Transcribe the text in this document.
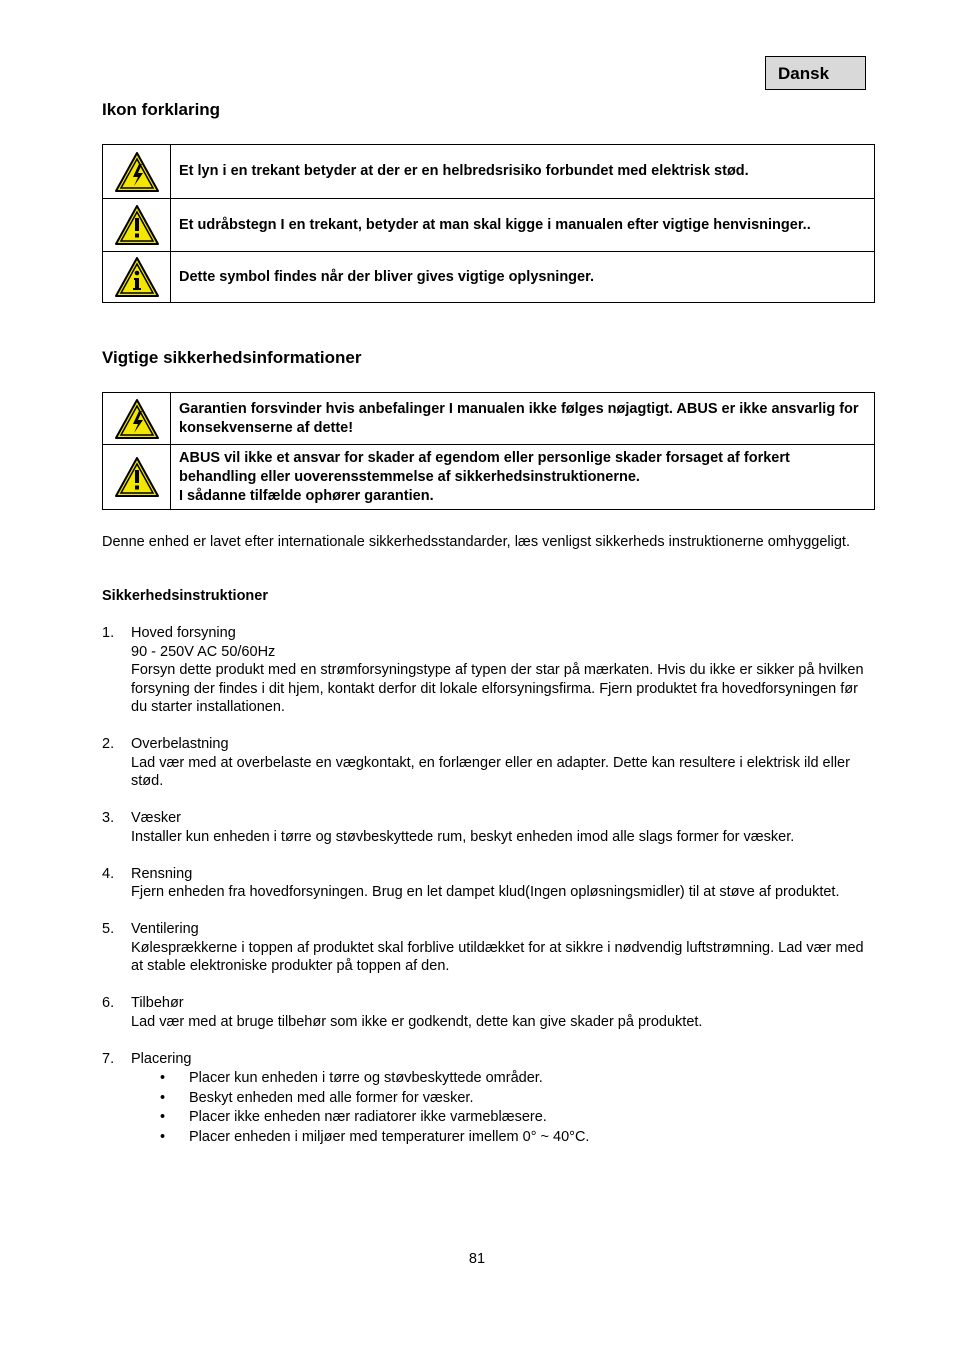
Dansk
Ikon forklaring
	Et lyn i en trekant betyder at der er en helbredsrisiko forbundet med elektrisk stød.

	Et udråbstegn I en trekant, betyder at man skal kigge i manualen efter vigtige henvisninger..

	Dette symbol findes når der bliver gives vigtige oplysninger.
Vigtige sikkerhedsinformationer
	Garantien forsvinder hvis anbefalinger I manualen ikke følges nøjagtigt. ABUS er ikke ansvarlig for konsekvenserne af dette!

ABUS vil ikke et ansvar for skader af egendom eller personlige skader forsaget af forkert behandling eller uoverensstemmelse af sikkerhedsinstruktionerne.
I sådanne tilfælde ophører garantien.
Denne enhed er lavet efter internationale sikkerhedsstandarder, læs venligst sikkerheds instruktionerne omhyggeligt.
Sikkerhedsinstruktioner
1. Hoved forsyning
90 - 250V AC 50/60Hz
Forsyn dette produkt med en strømforsyningstype af typen der star på mærkaten. Hvis du ikke er sikker på hvilken forsyning der findes i dit hjem, kontakt derfor dit lokale elforsyningsfirma. Fjern produktet fra hovedforsyningen før du starter installationen.
2. Overbelastning
Lad vær med at overbelaste en vægkontakt, en forlænger eller en adapter. Dette kan resultere i elektrisk ild eller stød.
3. Væsker
Installer kun enheden i tørre og støvbeskyttede rum, beskyt enheden imod alle slags former for væsker.
4. Rensning
Fjern enheden fra hovedforsyningen. Brug en let dampet klud(Ingen opløsningsmidler) til at støve af produktet.
5. Ventilering
Kølesprækkerne i toppen af produktet skal forblive utildækket for at sikkre i nødvendig luftstrømning. Lad vær med at stable elektroniske produkter på toppen af den.
6. Tilbehør
Lad vær med at bruge tilbehør som ikke er godkendt, dette kan give skader på produktet.
7. Placering
• Placer kun enheden i tørre og støvbeskyttede områder.
• Beskyt enheden med alle former for væsker.
• Placer ikke enheden nær radiatorer ikke varmeblæsere.
• Placer enheden i miljøer med temperaturer imellem 0° ~ 40°C.
81
